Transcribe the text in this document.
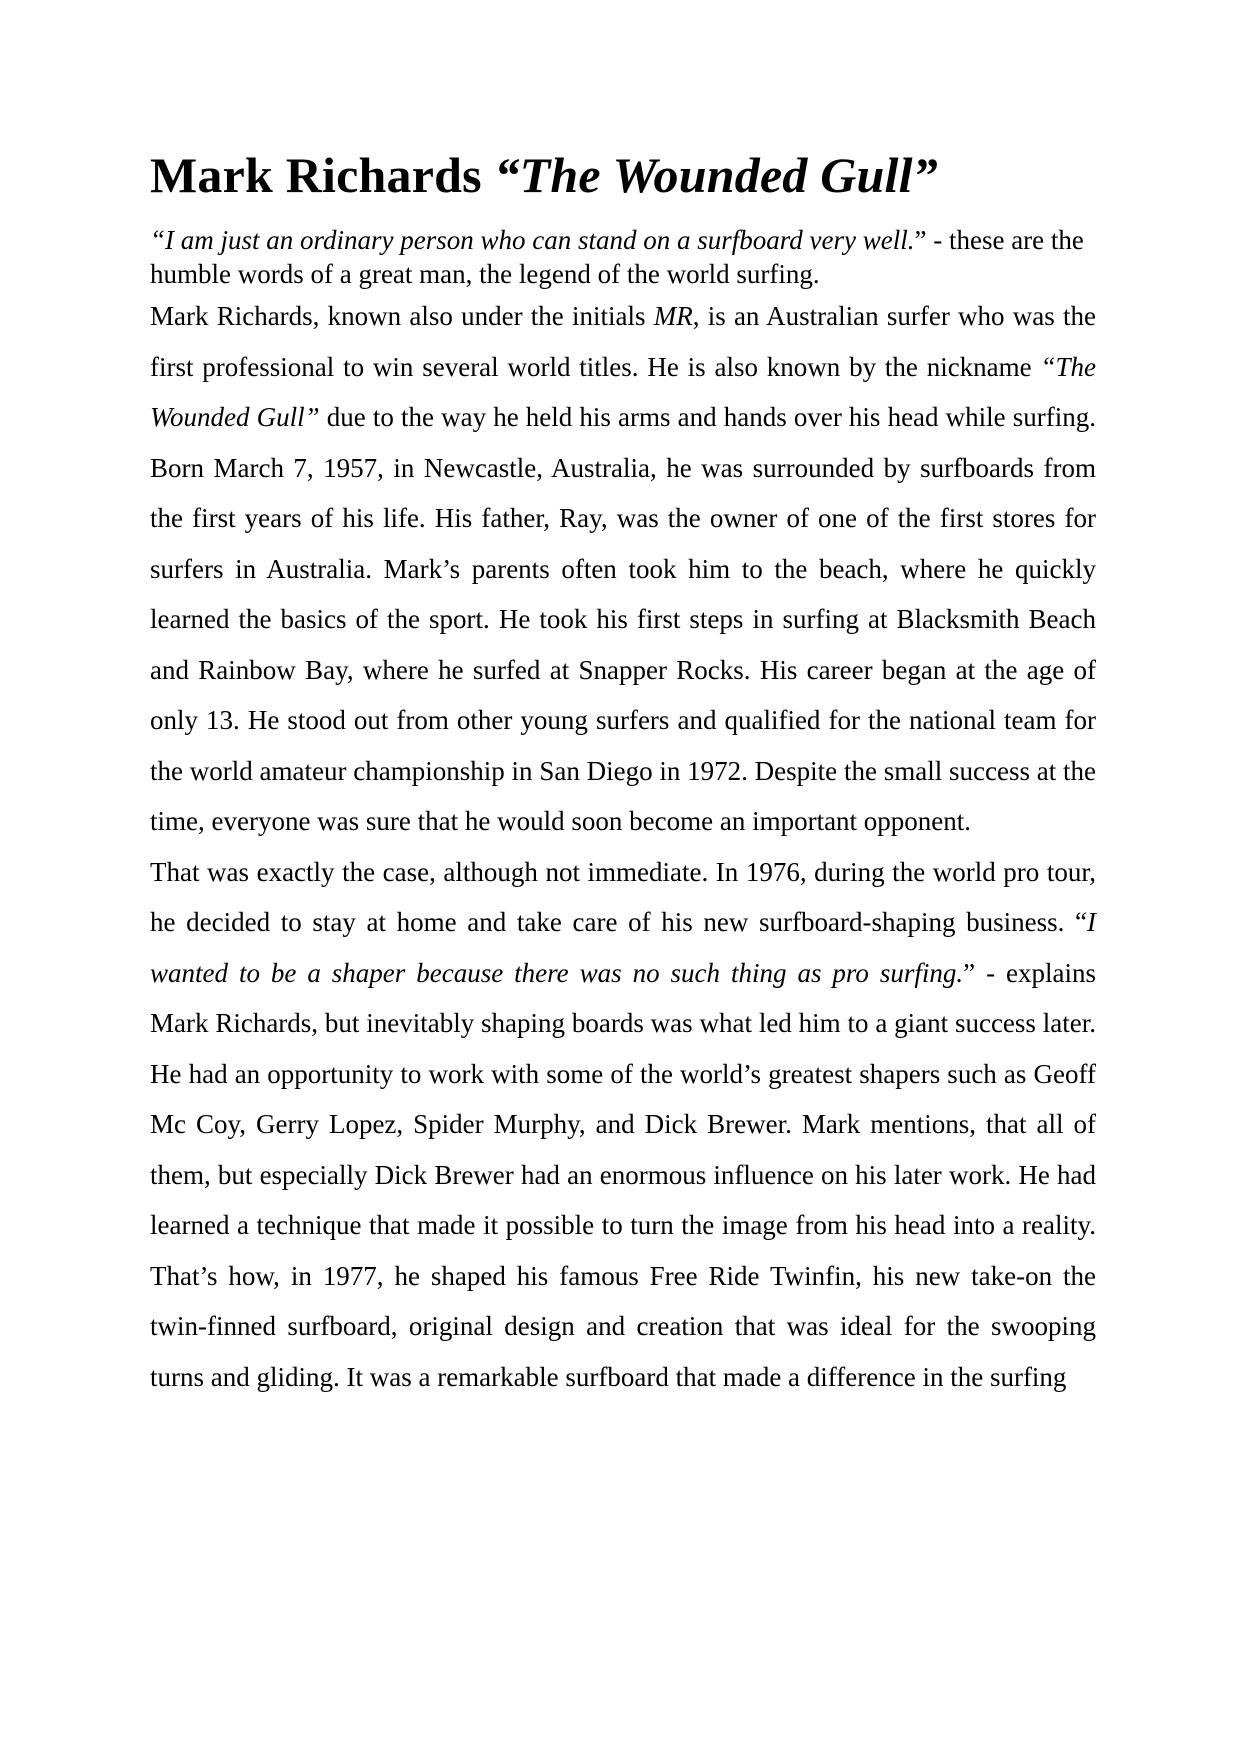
Mark Richards “The Wounded Gull”

“I am just an ordinary person who can stand on a surfboard very well.” - these are the humble words of a great man, the legend of the world surfing.

Mark Richards, known also under the initials MR, is an Australian surfer who was the first professional to win several world titles. He is also known by the nickname “The Wounded Gull” due to the way he held his arms and hands over his head while surfing.    Born March 7, 1957, in Newcastle, Australia, he was surrounded by surfboards from the first years of his life. His father, Ray, was the owner of one of the first stores for surfers in Australia. Mark’s parents often took him to the beach, where he quickly learned the basics of the sport. He took his first steps in surfing at Blacksmith Beach and Rainbow Bay, where he surfed at Snapper Rocks. His career began at the age of only 13. He stood out from other young surfers and qualified for the national team for the world amateur championship in San Diego in 1972. Despite the small success at the time, everyone was sure that he would soon become an important opponent.

That was exactly the case, although not immediate. In 1976, during the world pro tour, he decided to stay at home and take care of his new surfboard-shaping business. “I wanted to be a shaper because there was no such thing as pro surfing.” - explains Mark Richards, but inevitably shaping boards was what led him to a giant success later. He had an opportunity to work with some of the world’s greatest shapers such as Geoff Mc Coy, Gerry Lopez, Spider Murphy, and Dick Brewer. Mark mentions, that all of them, but especially Dick Brewer had an enormous influence on his later work. He had learned a technique that made it possible to turn the image from his head into a reality. That’s how, in 1977, he shaped his famous Free Ride Twinfin, his new take-on the twin-finned surfboard, original design and creation that was ideal for the swooping turns and gliding. It was a remarkable surfboard that made a difference in the surfing
